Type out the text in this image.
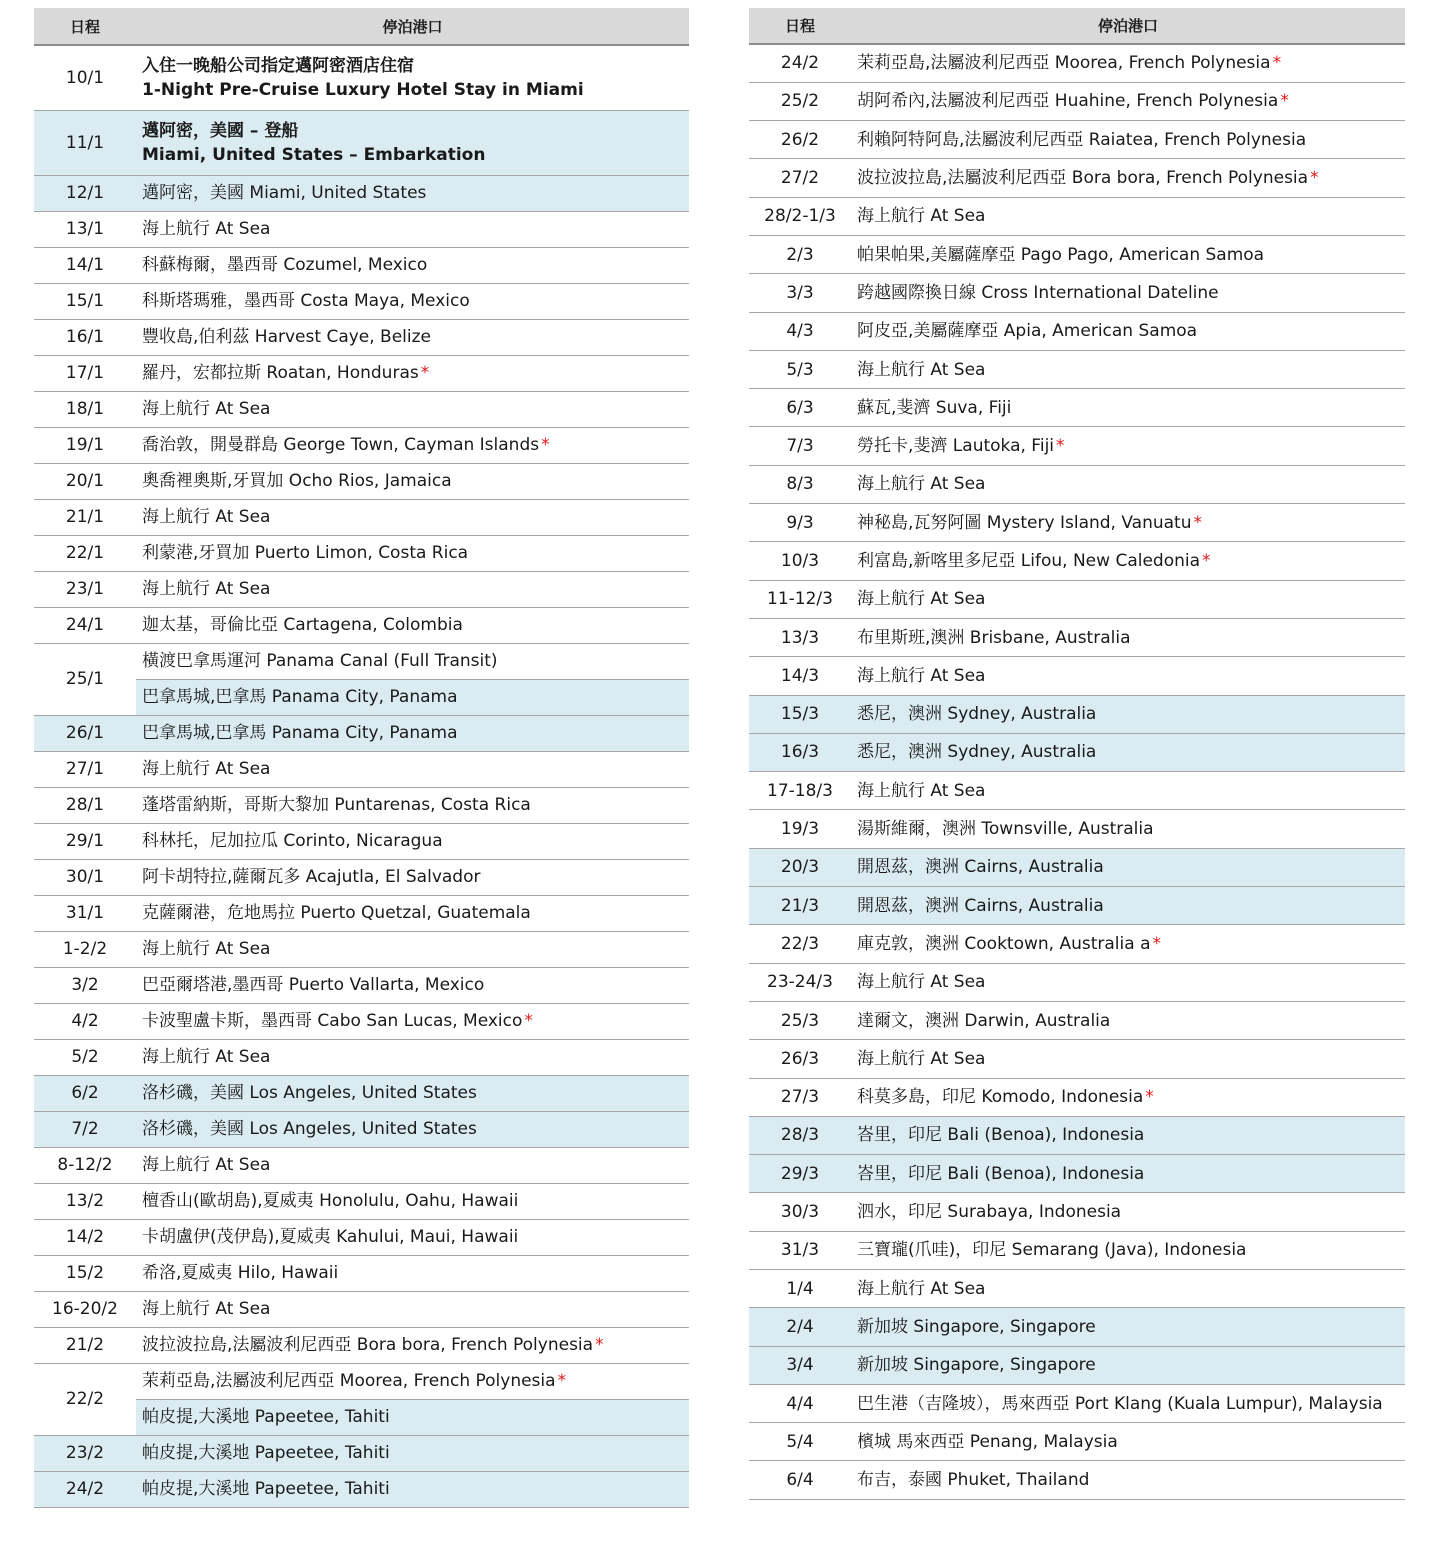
日程	停泊港口
10/1	入住一晚船公司指定邁阿密酒店住宿
1-Night Pre-Cruise Luxury Hotel Stay in Miami
11/1	邁阿密，美國 – 登船
Miami, United States – Embarkation
12/1	邁阿密，美國 Miami, United States
13/1	海上航行 At Sea
14/1	科蘇梅爾，墨西哥 Cozumel, Mexico
15/1	科斯塔瑪雅，墨西哥 Costa Maya, Mexico
16/1	豐收島,伯利茲 Harvest Caye, Belize
17/1	羅丹，宏都拉斯 Roatan, Honduras *
18/1	海上航行 At Sea
19/1	喬治敦，開曼群島 George Town, Cayman Islands *
20/1	奧喬裡奧斯,牙買加 Ocho Rios, Jamaica
21/1	海上航行 At Sea
22/1	利蒙港,牙買加 Puerto Limon, Costa Rica
23/1	海上航行 At Sea
24/1	迦太基，哥倫比亞 Cartagena, Colombia
25/1	橫渡巴拿馬運河 Panama Canal (Full Transit)
	巴拿馬城,巴拿馬 Panama City, Panama
26/1	巴拿馬城,巴拿馬 Panama City, Panama
27/1	海上航行 At Sea
28/1	蓬塔雷納斯，哥斯大黎加 Puntarenas, Costa Rica
29/1	科林托，尼加拉瓜 Corinto, Nicaragua
30/1	阿卡胡特拉,薩爾瓦多 Acajutla, El Salvador
31/1	克薩爾港，危地馬拉 Puerto Quetzal, Guatemala
1-2/2	海上航行 At Sea
3/2	巴亞爾塔港,墨西哥 Puerto Vallarta, Mexico
4/2	卡波聖盧卡斯，墨西哥 Cabo San Lucas, Mexico *
5/2	海上航行 At Sea
6/2	洛杉磯，美國 Los Angeles, United States
7/2	洛杉磯，美國 Los Angeles, United States
8-12/2	海上航行 At Sea
13/2	檀香山(歐胡島),夏威夷 Honolulu, Oahu, Hawaii
14/2	卡胡盧伊(茂伊島),夏威夷 Kahului, Maui, Hawaii
15/2	希洛,夏威夷 Hilo, Hawaii
16-20/2	海上航行 At Sea
21/2	波拉波拉島,法屬波利尼西亞 Bora bora, French Polynesia *
22/2	茉莉亞島,法屬波利尼西亞 Moorea, French Polynesia *
	帕皮提,大溪地 Papeetee, Tahiti
23/2	帕皮提,大溪地 Papeetee, Tahiti
24/2	帕皮提,大溪地 Papeetee, Tahiti
日程	停泊港口
24/2	茉莉亞島,法屬波利尼西亞 Moorea, French Polynesia *
25/2	胡阿希內,法屬波利尼西亞 Huahine, French Polynesia *
26/2	利賴阿特阿島,法屬波利尼西亞 Raiatea, French Polynesia
27/2	波拉波拉島,法屬波利尼西亞 Bora bora, French Polynesia *
28/2-1/3	海上航行 At Sea
2/3	帕果帕果,美屬薩摩亞 Pago Pago, American Samoa
3/3	跨越國際換日線 Cross International Dateline
4/3	阿皮亞,美屬薩摩亞 Apia, American Samoa
5/3	海上航行 At Sea
6/3	蘇瓦,斐濟 Suva, Fiji
7/3	勞托卡,斐濟 Lautoka, Fiji *
8/3	海上航行 At Sea
9/3	神秘島,瓦努阿圖 Mystery Island, Vanuatu *
10/3	利富島,新喀里多尼亞 Lifou, New Caledonia *
11-12/3	海上航行 At Sea
13/3	布里斯班,澳洲 Brisbane, Australia
14/3	海上航行 At Sea
15/3	悉尼，澳洲 Sydney, Australia
16/3	悉尼，澳洲 Sydney, Australia
17-18/3	海上航行 At Sea
19/3	湯斯維爾，澳洲 Townsville, Australia
20/3	開恩茲，澳洲 Cairns, Australia
21/3	開恩茲，澳洲 Cairns, Australia
22/3	庫克敦，澳洲 Cooktown, Australia a *
23-24/3	海上航行 At Sea
25/3	達爾文，澳洲 Darwin, Australia
26/3	海上航行 At Sea
27/3	科莫多島，印尼 Komodo, Indonesia *
28/3	峇里，印尼 Bali (Benoa), Indonesia
29/3	峇里，印尼 Bali (Benoa), Indonesia
30/3	泗水，印尼 Surabaya, Indonesia
31/3	三寶瓏(爪哇)，印尼 Semarang (Java), Indonesia
1/4	海上航行 At Sea
2/4	新加坡 Singapore, Singapore
3/4	新加坡 Singapore, Singapore
4/4	巴生港（吉隆坡），馬來西亞 Port Klang (Kuala Lumpur), Malaysia
5/4	檳城 馬來西亞 Penang, Malaysia
6/4	布吉，泰國 Phuket, Thailand
